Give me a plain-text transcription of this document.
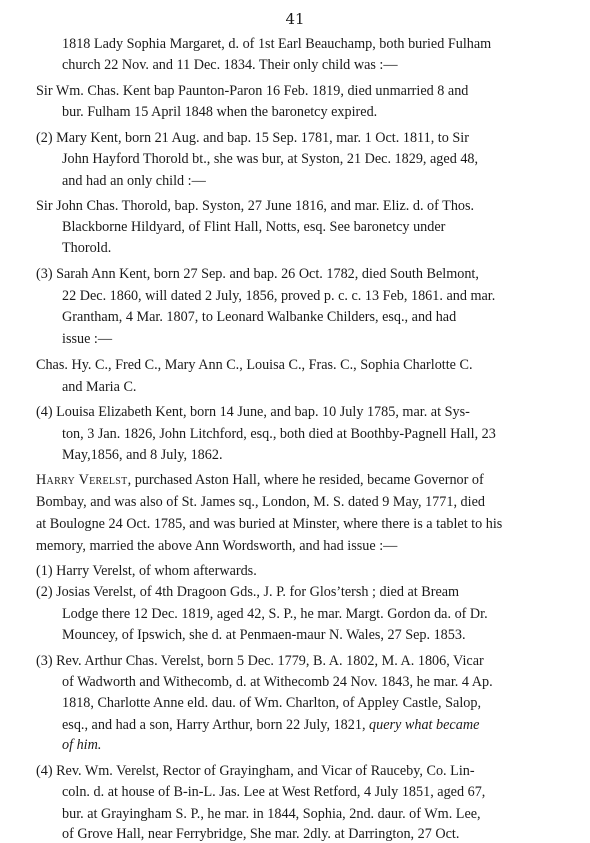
41
1818 Lady Sophia Margaret, d. of 1st Earl Beauchamp, both buried Fulham
church 22 Nov. and 11 Dec. 1834. Their only child was :—
Sir Wm. Chas. Kent bap Paunton-Paron 16 Feb. 1819, died unmarried 8 and
bur. Fulham 15 April 1848 when the baronetcy expired.
(2) Mary Kent, born 21 Aug. and bap. 15 Sep. 1781, mar. 1 Oct. 1811, to Sir
John Hayford Thorold bt., she was bur, at Syston, 21 Dec. 1829, aged 48,
and had an only child :—
Sir John Chas. Thorold, bap. Syston, 27 June 1816, and mar. Eliz. d. of Thos.
Blackborne Hildyard, of Flint Hall, Notts, esq. See baronetcy under
Thorold.
(3) Sarah Ann Kent, born 27 Sep. and bap. 26 Oct. 1782, died South Belmont,
22 Dec. 1860, will dated 2 July, 1856, proved p. c. c. 13 Feb, 1861. and mar.
Grantham, 4 Mar. 1807, to Leonard Walbanke Childers, esq., and had
issue :—
Chas. Hy. C., Fred C., Mary Ann C., Louisa C., Fras. C., Sophia Charlotte C.
and Maria C.
(4) Louisa Elizabeth Kent, born 14 June, and bap. 10 July 1785, mar. at Sys-
ton, 3 Jan. 1826, John Litchford, esq., both died at Boothby-Pagnell Hall, 23
May,1856, and 8 July, 1862.
Harry Verelst, purchased Aston Hall, where he resided, became Governor of
Bombay, and was also of St. James sq., London, M. S. dated 9 May, 1771, died
at Boulogne 24 Oct. 1785, and was buried at Minster, where there is a tablet to his
memory, married the above Ann Wordsworth, and had issue :—
(1) Harry Verelst, of whom afterwards.
(2) Josias Verelst, of 4th Dragoon Gds., J. P. for Glos’tersh ; died at Bream
Lodge there 12 Dec. 1819, aged 42, S. P., he mar. Margt. Gordon da. of Dr.
Mouncey, of Ipswich, she d. at Penmaen-maur N. Wales, 27 Sep. 1853.
(3) Rev. Arthur Chas. Verelst, born 5 Dec. 1779, B. A. 1802, M. A. 1806, Vicar
of Wadworth and Withecomb, d. at Withecomb 24 Nov. 1843, he mar. 4 Ap.
1818, Charlotte Anne eld. dau. of Wm. Charlton, of Appley Castle, Salop,
esq., and had a son, Harry Arthur, born 22 July, 1821, query what became
of him.
(4) Rev. Wm. Verelst, Rector of Grayingham, and Vicar of Rauceby, Co. Lin-
coln. d. at house of B-in-L. Jas. Lee at West Retford, 4 July 1851, aged 67,
bur. at Grayingham S. P., he mar. in 1844, Sophia, 2nd. daur. of Wm. Lee,
of Grove Hall, near Ferrybridge, She mar. 2dly. at Darrington, 27 Oct.
